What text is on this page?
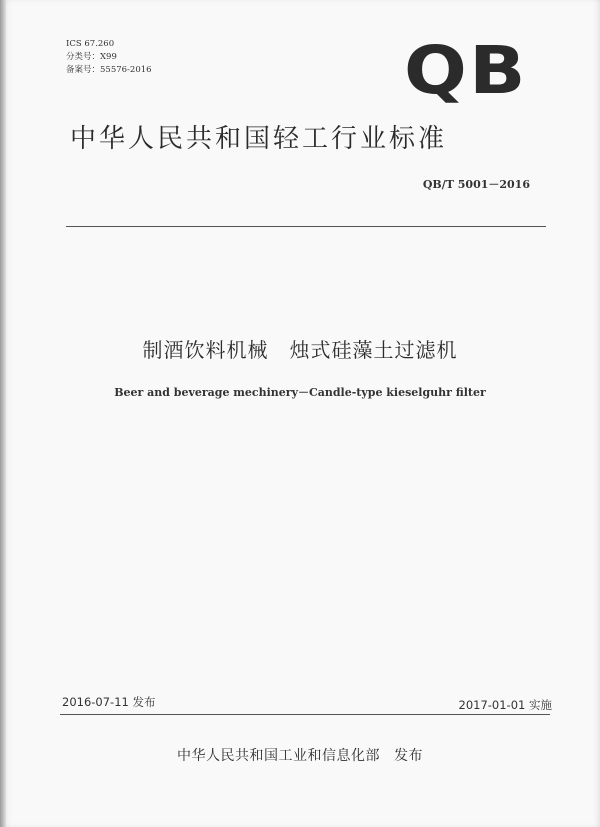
ICS 67.260
分类号：X99
备案号：55576-2016	QB
中华人民共和国轻工行业标准
QB/T 5001－2016
制酒饮料机械　烛式硅藻土过滤机
Beer and beverage mechinery－Candle-type kieselguhr filter
2016-07-11 发布	2017-01-01 实施
中华人民共和国工业和信息化部 发布
